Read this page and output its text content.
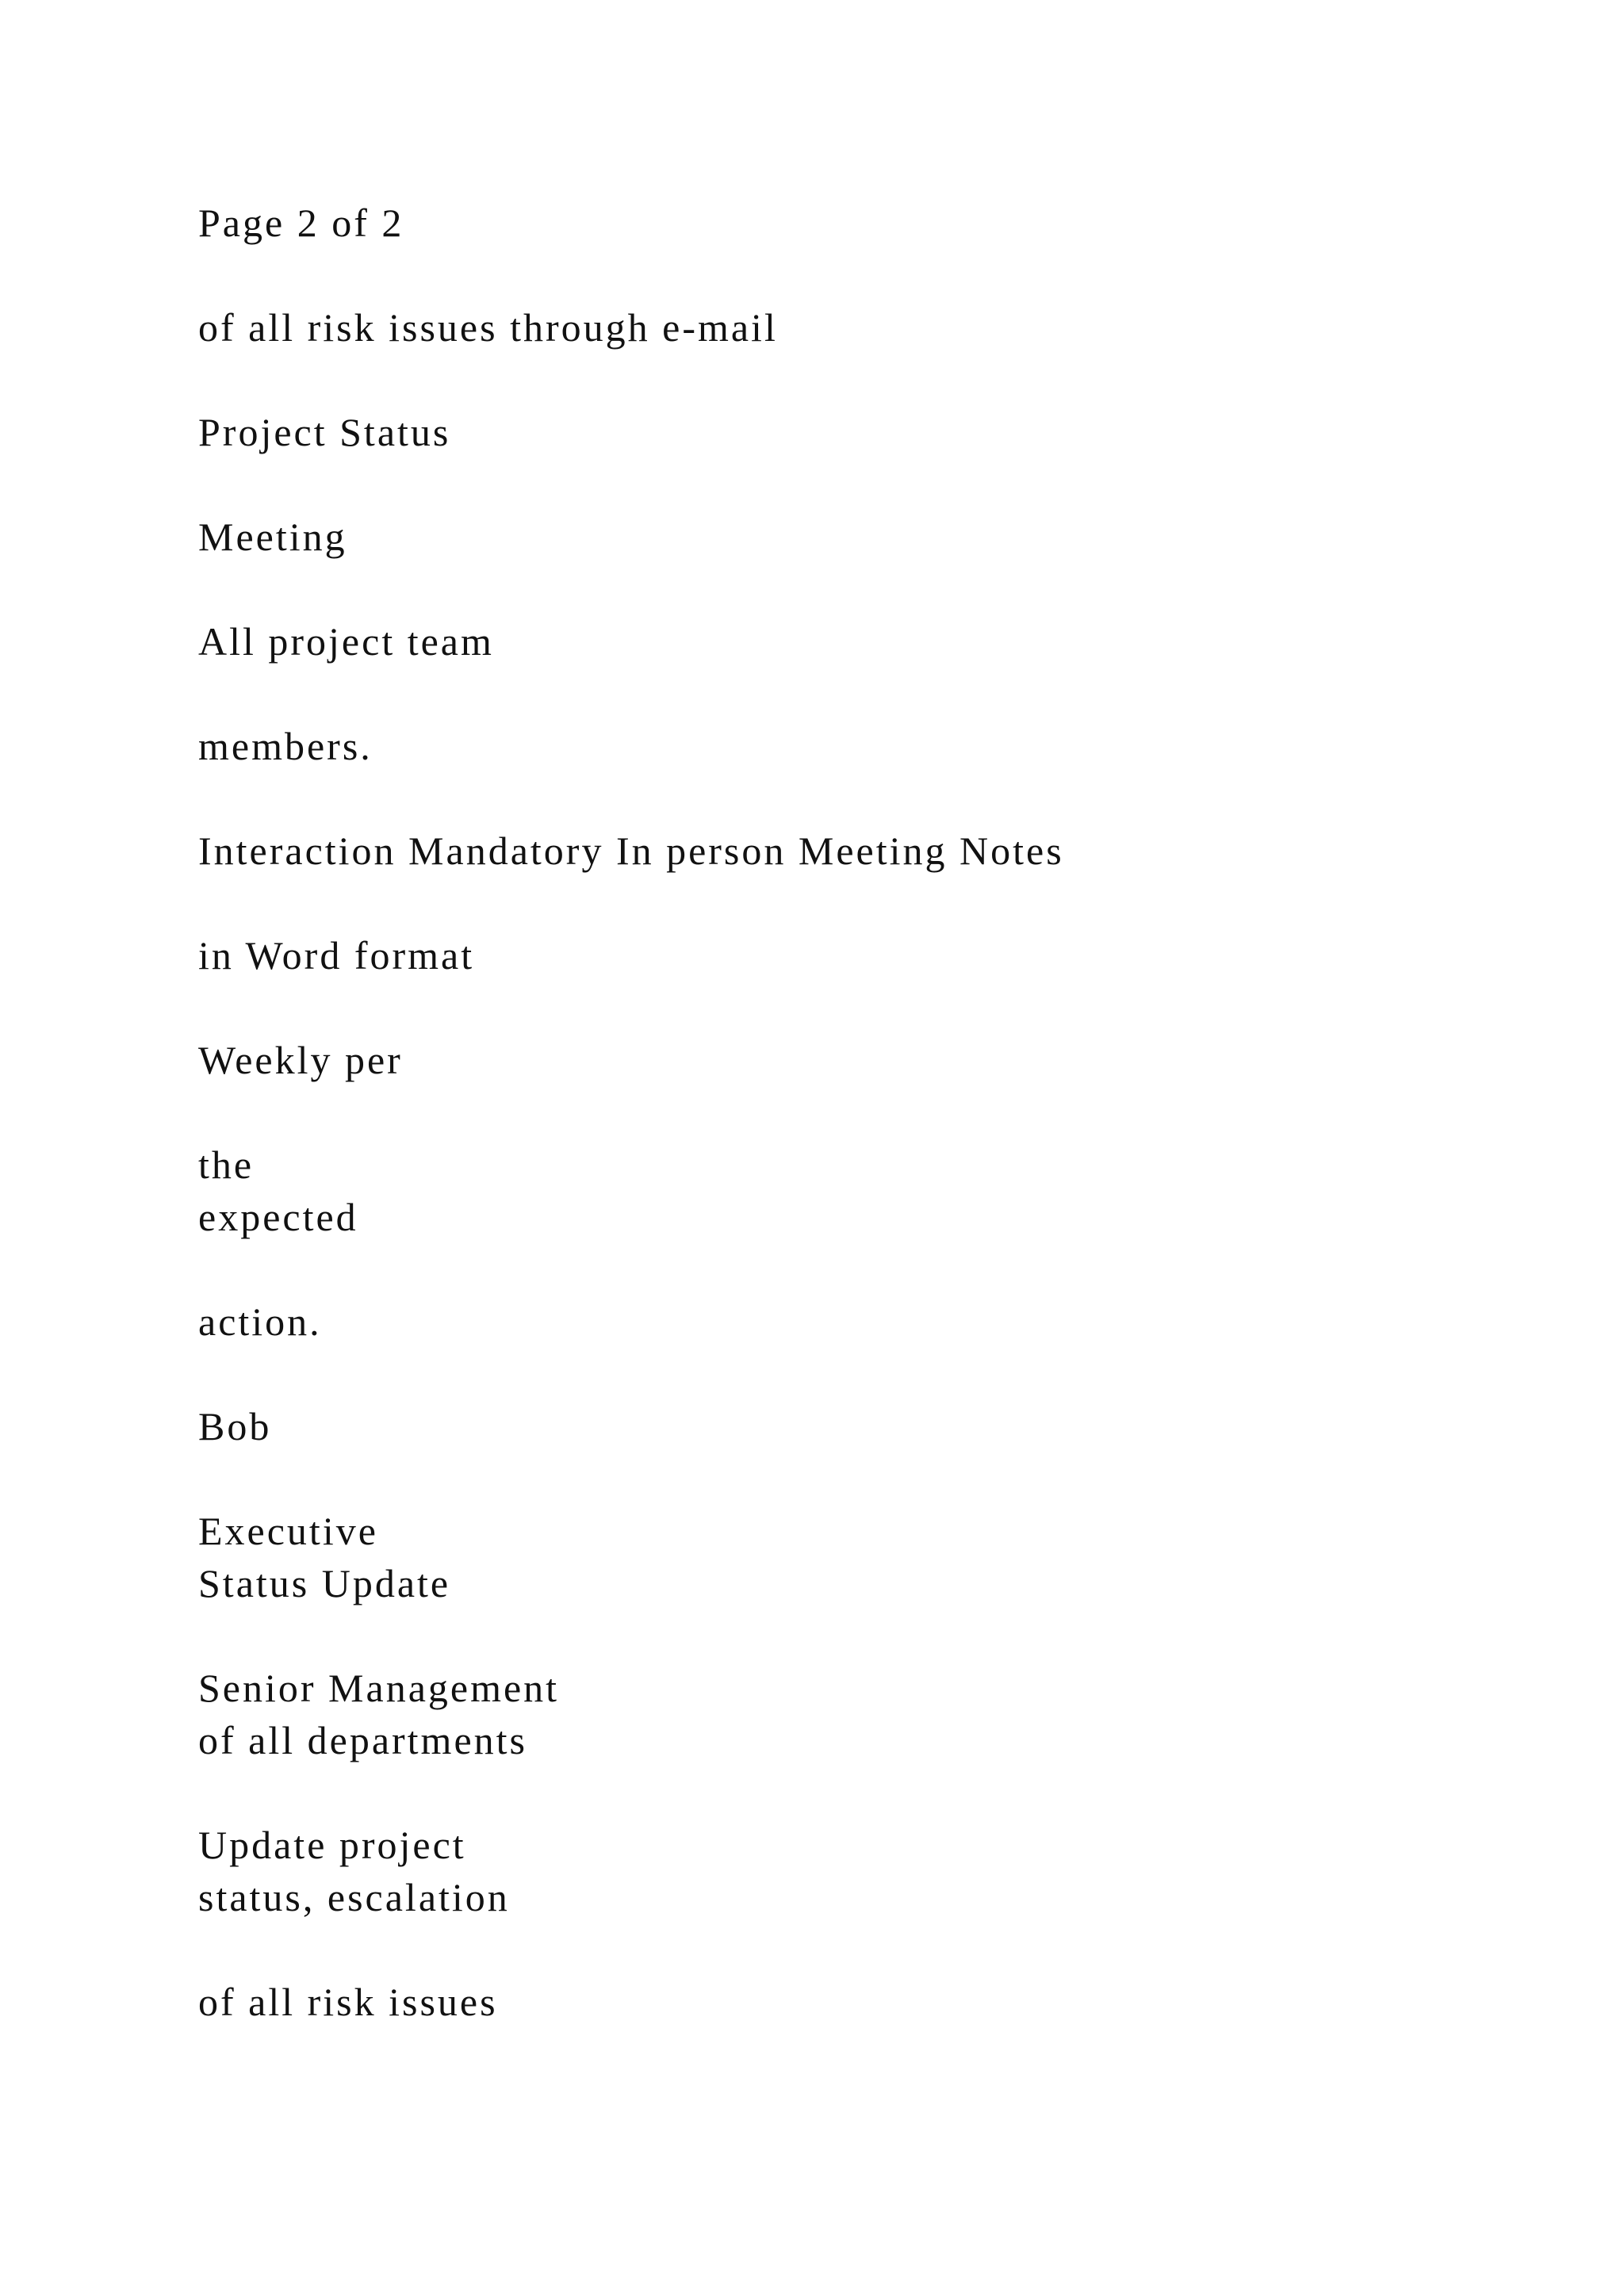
Page 2 of 2

of all risk issues through e-mail

Project Status

Meeting

All project team

members.

Interaction Mandatory In person Meeting Notes

in Word format

Weekly per

the

expected

action.

Bob

Executive

Status Update

Senior Management

of all departments

Update project

status, escalation

of all risk issues
